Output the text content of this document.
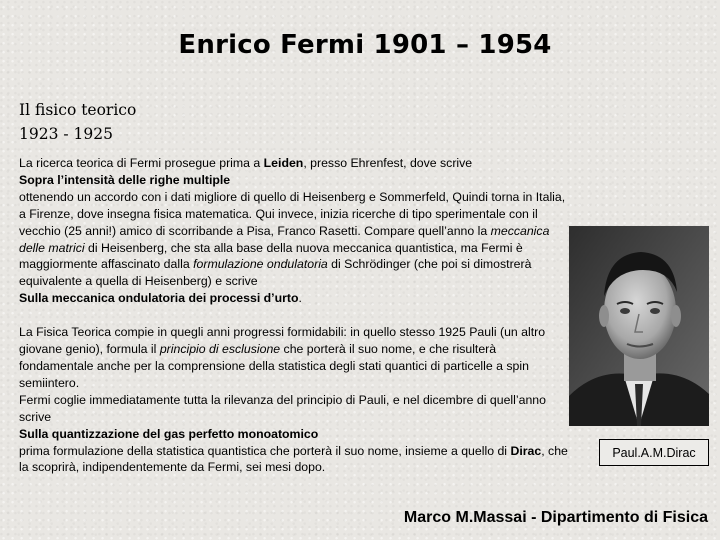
Enrico Fermi 1901 – 1954
Il fisico teorico
1923 - 1925

La ricerca teorica di Fermi prosegue prima a Leiden, presso Ehrenfest, dove scrive
Sopra l’intensità delle righe multiple
ottenendo un accordo con i dati migliore di quello di Heisenberg e Sommerfeld, Quindi torna in Italia, a Firenze, dove insegna fisica matematica. Qui invece, inizia ricerche di tipo sperimentale con il vecchio (25 anni!) amico di scorribande a Pisa, Franco Rasetti. Compare quell’anno la meccanica delle matrici di Heisenberg, che sta alla base della nuova meccanica quantistica, ma Fermi è maggiormente affascinato dalla formulazione ondulatoria di Schrödinger (che poi si dimostrerà equivalente a quella di Heisenberg) e scrive
Sulla meccanica ondulatoria dei processi d’urto.

La Fisica Teorica compie in quegli anni progressi formidabili: in quello stesso 1925 Pauli (un altro giovane genio), formula il principio di esclusione che porterà il suo nome, e che risulterà fondamentale anche per la comprensione della statistica degli stati quantici di particelle a spin semiintero.
Fermi coglie immediatamente tutta la rilevanza del principio di Pauli, e nel dicembre di quell’anno scrive
Sulla quantizzazione del gas perfetto monoatomico
prima formulazione della statistica quantistica che porterà il suo nome, insieme a quello di Dirac, che la scoprirà, indipendentemente da Fermi, sei mesi dopo.

Paul.A.M.Dirac
Marco M.Massai - Dipartimento di Fisica
